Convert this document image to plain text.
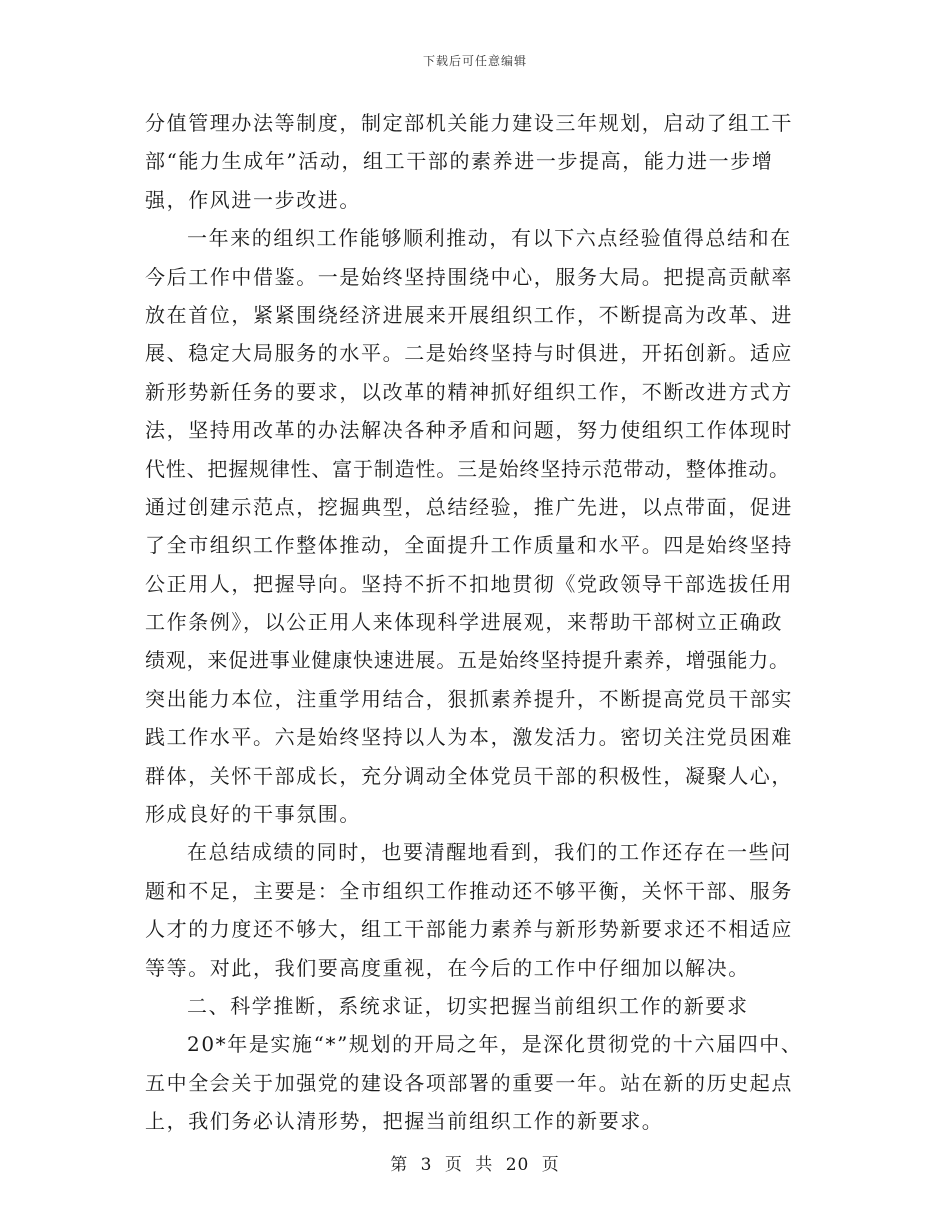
下载后可任意编辑
分值管理办法等制度，制定部机关能力建设三年规划，启动了组工干
部“能力生成年”活动，组工干部的素养进一步提高，能力进一步增
强，作风进一步改进。
一年来的组织工作能够顺利推动，有以下六点经验值得总结和在
今后工作中借鉴。一是始终坚持围绕中心，服务大局。把提高贡献率
放在首位，紧紧围绕经济进展来开展组织工作，不断提高为改革、进
展、稳定大局服务的水平。二是始终坚持与时俱进，开拓创新。适应
新形势新任务的要求，以改革的精神抓好组织工作，不断改进方式方
法，坚持用改革的办法解决各种矛盾和问题，努力使组织工作体现时
代性、把握规律性、富于制造性。三是始终坚持示范带动，整体推动。
通过创建示范点，挖掘典型，总结经验，推广先进，以点带面，促进
了全市组织工作整体推动，全面提升工作质量和水平。四是始终坚持
公正用人，把握导向。坚持不折不扣地贯彻《党政领导干部选拔任用
工作条例》，以公正用人来体现科学进展观，来帮助干部树立正确政
绩观，来促进事业健康快速进展。五是始终坚持提升素养，增强能力。
突出能力本位，注重学用结合，狠抓素养提升，不断提高党员干部实
践工作水平。六是始终坚持以人为本，激发活力。密切关注党员困难
群体，关怀干部成长，充分调动全体党员干部的积极性，凝聚人心，
形成良好的干事氛围。
在总结成绩的同时，也要清醒地看到，我们的工作还存在一些问
题和不足，主要是：全市组织工作推动还不够平衡，关怀干部、服务
人才的力度还不够大，组工干部能力素养与新形势新要求还不相适应
等等。对此，我们要高度重视，在今后的工作中仔细加以解决。
二、科学推断，系统求证，切实把握当前组织工作的新要求
20*年是实施“*”规划的开局之年，是深化贯彻党的十六届四中、
五中全会关于加强党的建设各项部署的重要一年。站在新的历史起点
上，我们务必认清形势，把握当前组织工作的新要求。
第 3 页 共 20 页
